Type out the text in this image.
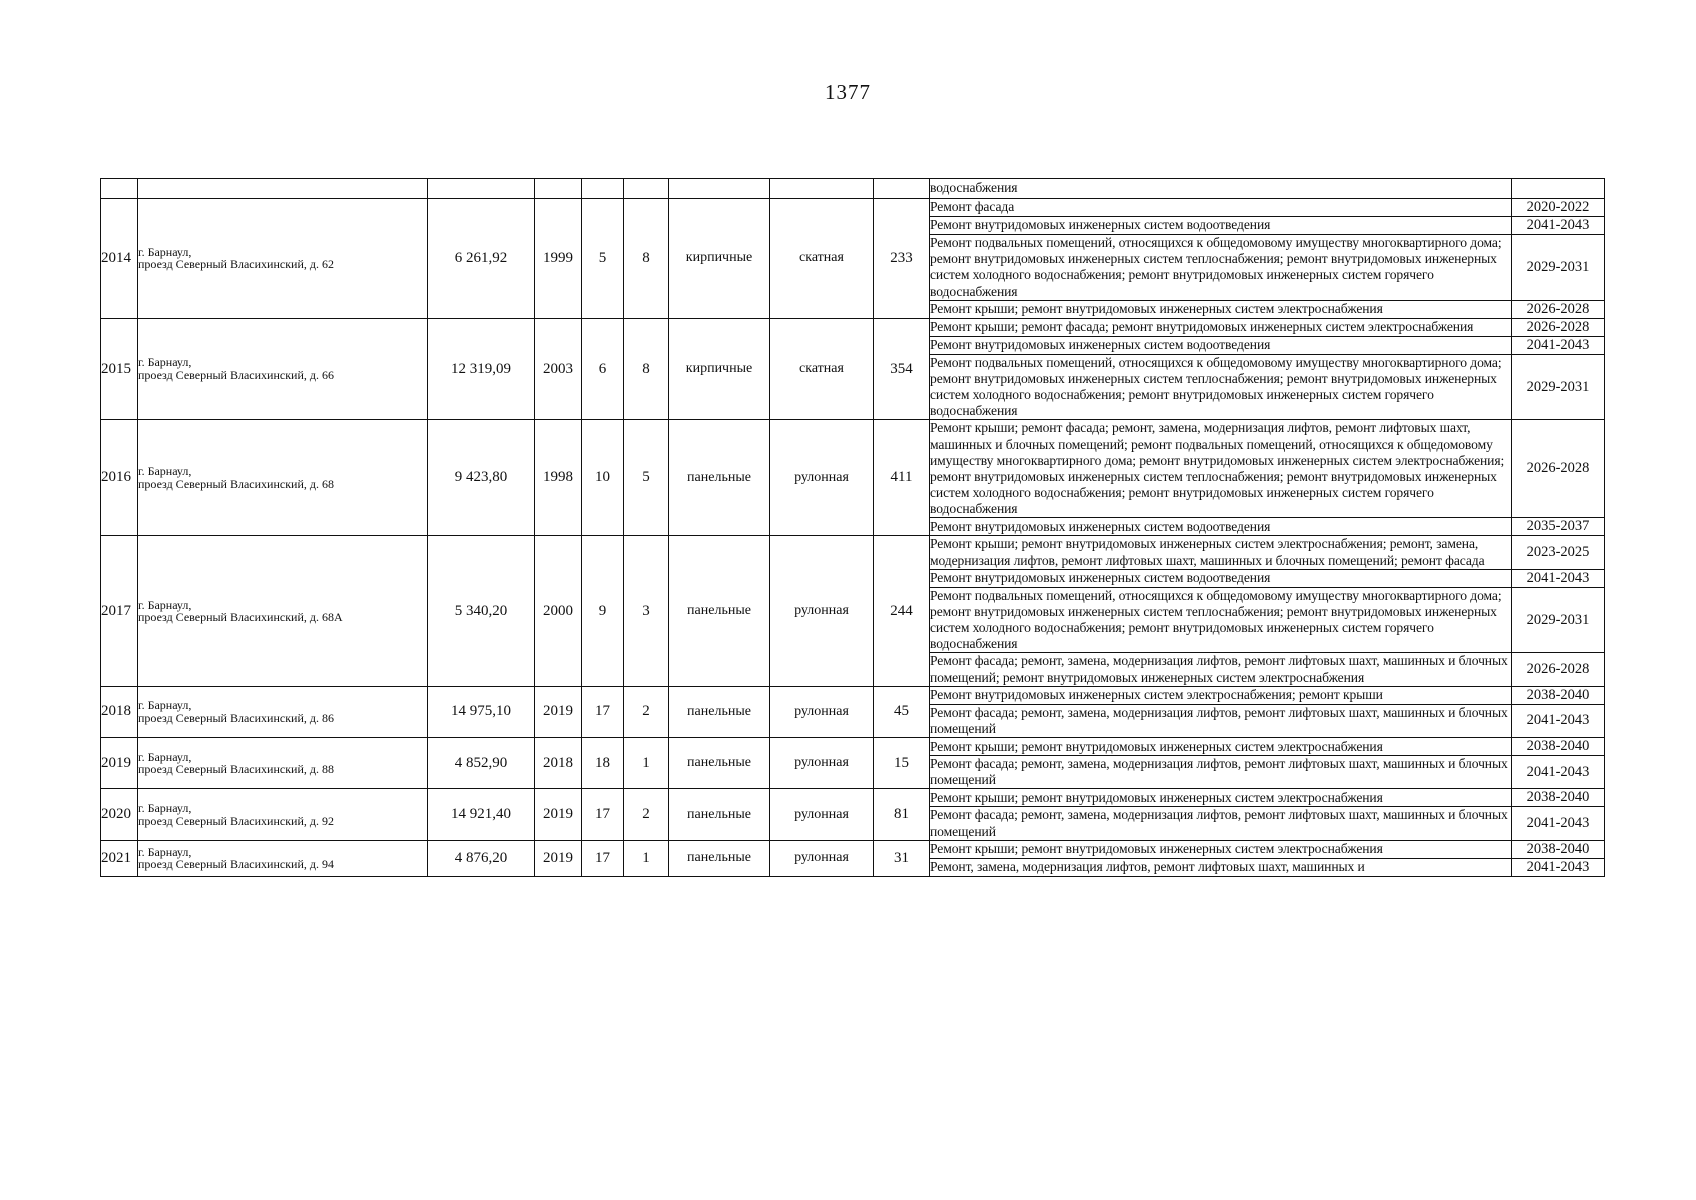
1377
									водоснабжения	
2014	г. Барнаул,
проезд Северный Власихинский, д. 62	6 261,92	1999	5	8	кирпичные	скатная	233	Ремонт фасада	2020-2022
									Ремонт внутридомовых инженерных систем водоотведения	2041-2043
									Ремонт подвальных помещений, относящихся к общедомовому имуществу многоквартирного дома; ремонт внутридомовых инженерных систем теплоснабжения; ремонт внутридомовых инженерных систем холодного водоснабжения; ремонт внутридомовых инженерных систем горячего водоснабжения	2029-2031
									Ремонт крыши; ремонт внутридомовых инженерных систем электроснабжения	2026-2028
2015	г. Барнаул,
проезд Северный Власихинский, д. 66	12 319,09	2003	6	8	кирпичные	скатная	354	Ремонт крыши; ремонт фасада; ремонт внутридомовых инженерных систем электроснабжения	2026-2028
									Ремонт внутридомовых инженерных систем водоотведения	2041-2043
									Ремонт подвальных помещений, относящихся к общедомовому имуществу многоквартирного дома; ремонт внутридомовых инженерных систем теплоснабжения; ремонт внутридомовых инженерных систем холодного водоснабжения; ремонт внутридомовых инженерных систем горячего водоснабжения	2029-2031
2016	г. Барнаул,
проезд Северный Власихинский, д. 68	9 423,80	1998	10	5	панельные	рулонная	411	Ремонт крыши; ремонт фасада; ремонт, замена, модернизация лифтов, ремонт лифтовых шахт, машинных и блочных помещений; ремонт подвальных помещений, относящихся к общедомовому имуществу многоквартирного дома; ремонт внутридомовых инженерных систем электроснабжения; ремонт внутридомовых инженерных систем теплоснабжения; ремонт внутридомовых инженерных систем холодного водоснабжения; ремонт внутридомовых инженерных систем горячего водоснабжения	2026-2028
									Ремонт внутридомовых инженерных систем водоотведения	2035-2037
2017	г. Барнаул,
проезд Северный Власихинский, д. 68А	5 340,20	2000	9	3	панельные	рулонная	244	Ремонт крыши; ремонт внутридомовых инженерных систем электроснабжения; ремонт, замена, модернизация лифтов, ремонт лифтовых шахт, машинных и блочных помещений; ремонт фасада	2023-2025
									Ремонт внутридомовых инженерных систем водоотведения	2041-2043
									Ремонт подвальных помещений, относящихся к общедомовому имуществу многоквартирного дома; ремонт внутридомовых инженерных систем теплоснабжения; ремонт внутридомовых инженерных систем холодного водоснабжения; ремонт внутридомовых инженерных систем горячего водоснабжения	2029-2031
									Ремонт фасада; ремонт, замена, модернизация лифтов, ремонт лифтовых шахт, машинных и блочных помещений; ремонт внутридомовых инженерных систем электроснабжения	2026-2028
2018	г. Барнаул,
проезд Северный Власихинский, д. 86	14 975,10	2019	17	2	панельные	рулонная	45	Ремонт внутридомовых инженерных систем электроснабжения; ремонт крыши	2038-2040
									Ремонт фасада; ремонт, замена, модернизация лифтов, ремонт лифтовых шахт, машинных и блочных помещений	2041-2043
2019	г. Барнаул,
проезд Северный Власихинский, д. 88	4 852,90	2018	18	1	панельные	рулонная	15	Ремонт крыши; ремонт внутридомовых инженерных систем электроснабжения	2038-2040
									Ремонт фасада; ремонт, замена, модернизация лифтов, ремонт лифтовых шахт, машинных и блочных помещений	2041-2043
2020	г. Барнаул,
проезд Северный Власихинский, д. 92	14 921,40	2019	17	2	панельные	рулонная	81	Ремонт крыши; ремонт внутридомовых инженерных систем электроснабжения	2038-2040
									Ремонт фасада; ремонт, замена, модернизация лифтов, ремонт лифтовых шахт, машинных и блочных помещений	2041-2043
2021	г. Барнаул,
проезд Северный Власихинский, д. 94	4 876,20	2019	17	1	панельные	рулонная	31	Ремонт крыши; ремонт внутридомовых инженерных систем электроснабжения	2038-2040
									Ремонт, замена, модернизация лифтов, ремонт лифтовых шахт, машинных и	2041-2043
